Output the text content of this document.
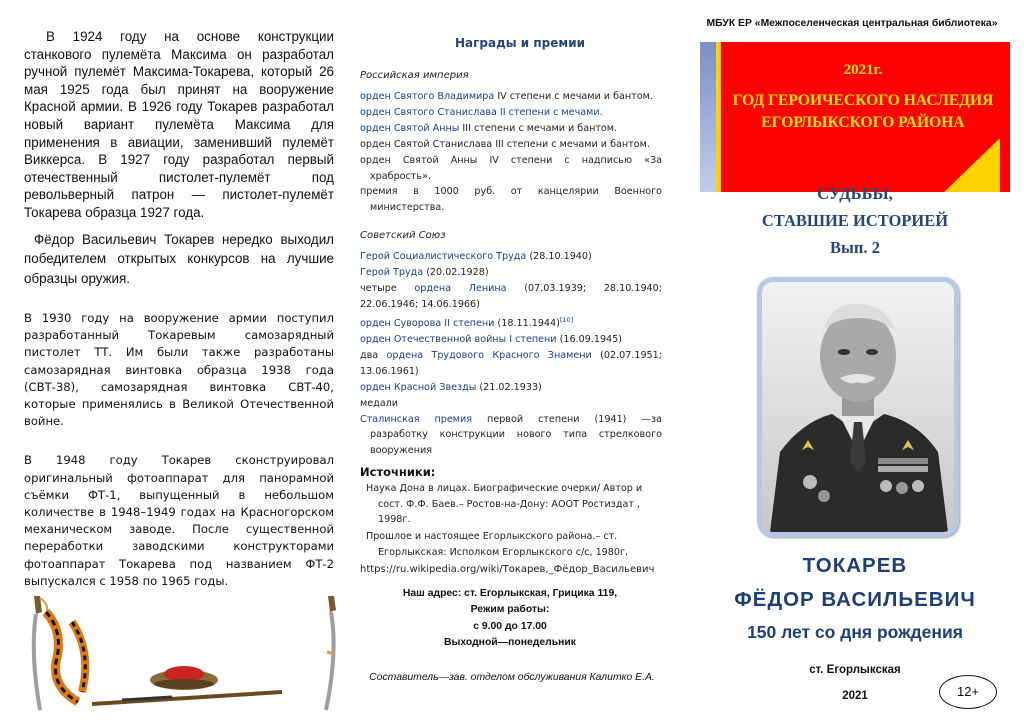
В 1924 году на основе конструкции станкового пулемёта Максима он разработал ручной пулемёт Максима-Токарева, который 26 мая 1925 года был принят на вооружение Красной армии. В 1926 году Токарев разработал новый вариант пулемёта Максима для применения в авиации, заменивший пулемёт Виккерса. В 1927 году разработал первый отечественный пистолет-пулемёт под револьверный патрон — пистолет-пулемёт Токарева образца 1927 года.

Фёдор Васильевич Токарев нередко выходил победителем открытых конкурсов на лучшие образцы оружия.

В 1930 году на вооружение армии поступил разработанный Токаревым самозарядный пистолет ТТ. Им были также разработаны самозарядная винтовка образца 1938 года (СВТ-38), самозарядная винтовка СВТ-40, которые применялись в Великой Отечественной войне.

В 1948 году Токарев сконструировал оригинальный фотоаппарат для панорамной съёмки ФТ-1, выпущенный в небольшом количестве в 1948–1949 годах на Красногорском механическом заводе. После существенной переработки заводскими конструкторами фотоаппарат Токарева под названием ФТ-2 выпускался с 1958 по 1965 годы.

Награды и премии
Российская империя
орден Святого Владимира IV степени с мечами и бантом.
орден Святого Станислава II степени с мечами.
орден Святой Анны III степени с мечами и бантом.
орден Святой Станислава III степени с мечами и бантом.
орден Святой Анны IV степени с надписью «За храбрость».
премия в 1000 руб. от канцелярии Военного министерства.
Советский Союз
Герой Социалистического Труда (28.10.1940)
Герой Труда (20.02.1928)
четыре ордена Ленина (07.03.1939; 28.10.1940; 22.06.1946; 14.06.1966)
орден Суворова II степени (18.11.1944)[10]
орден Отечественной войны I степени (16.09.1945)
два ордена Трудового Красного Знамени (02.07.1951; 13.06.1961)
орден Красной Звезды (21.02.1933)
медали
Сталинская премия первой степени (1941) —за разработку конструкции нового типа стрелкового вооружения
Источники:
Наука Дона в лицах. Биографические очерки/ Автор и сост. Ф.Ф. Баев.– Ростов-на-Дону: АООТ Ростиздат , 1998г.
Прошлое и настоящее Егорлыкского района.– ст. Егорлыкская: Исполком Егорлыкского с/с, 1980г.
https://ru.wikipedia.org/wiki/Токарев,_Фёдор_Васильевич
Наш адрес: ст. Егорлыкская, Грицика 119,
Режим работы:
с 9.00 до 17.00
Выходной—понедельник
Составитель—зав. отделом обслуживания Калитко Е.А.
МБУК ЕР «Межпоселенческая центральная библиотека»
2021г.
ГОД ГЕРОИЧЕСКОГО НАСЛЕДИЯ
ЕГОРЛЫКСКОГО РАЙОНА
СУДЬБЫ,
СТАВШИЕ ИСТОРИЕЙ
Вып. 2
ТОКАРЕВ
ФЁДОР ВАСИЛЬЕВИЧ
150 лет со дня рождения
ст. Егорлыкская
2021	12+
